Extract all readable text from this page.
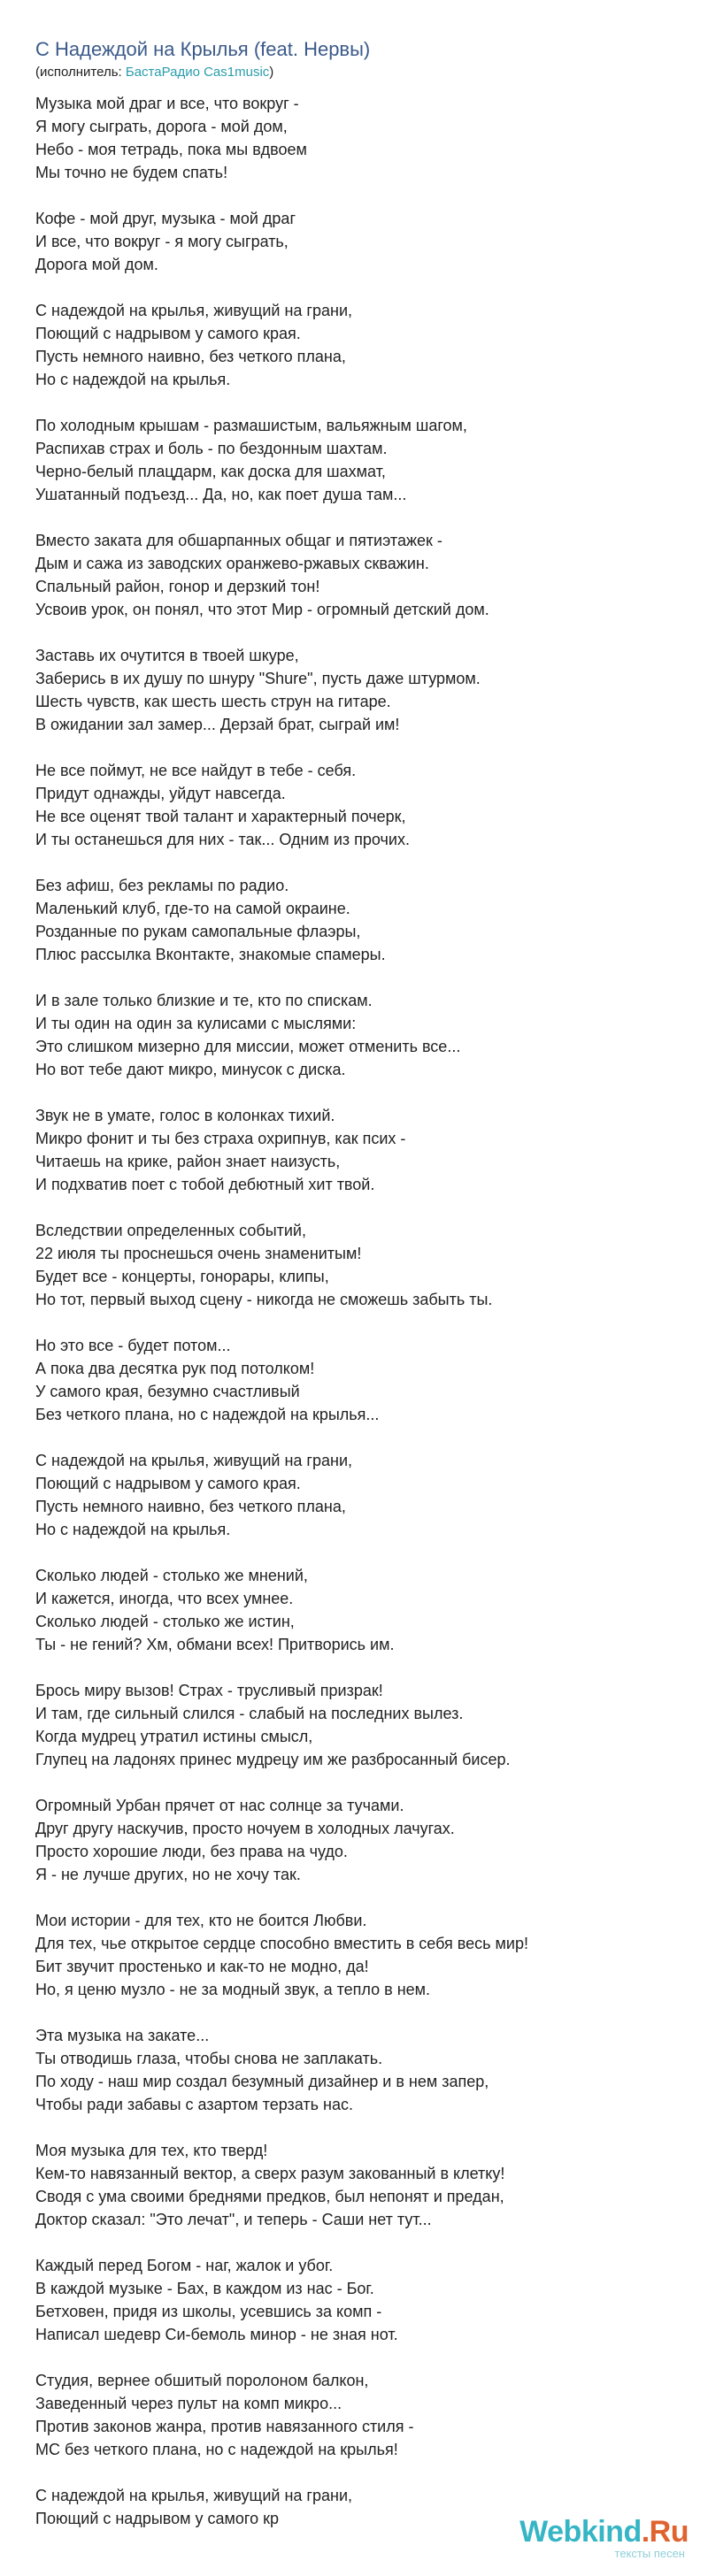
С Надеждой на Крылья (feat. Нервы)
(исполнитель: БастаРадио Cas1music)
Музыка мой драг и все, что вокруг -
Я могу сыграть, дорога - мой дом,
Небо - моя тетрадь, пока мы вдвоем
Мы точно не будем спать!
Кофе - мой друг, музыка - мой драг
И все, что вокруг - я могу сыграть,
Дорога мой дом.
С надеждой на крылья, живущий на грани,
Поющий с надрывом у самого края.
Пусть немного наивно, без четкого плана,
Но с надеждой на крылья.
По холодным крышам - размашистым, вальяжным шагом,
Распихав страх и боль - по бездонным шахтам.
Черно-белый плацдарм, как доска для шахмат,
Ушатанный подъезд... Да, но, как поет душа там...
Вместо заката для обшарпанных общаг и пятиэтажек -
Дым и сажа из заводских оранжево-ржавых скважин.
Спальный район, гонор и дерзкий тон!
Усвоив урок, он понял, что этот Мир - огромный детский дом.
Заставь их очутится в твоей шкуре,
Заберись в их душу по шнуру "Shure", пусть даже штурмом.
Шесть чувств, как шесть шесть струн на гитаре.
В ожидании зал замер... Дерзай брат, сыграй им!
Не все поймут, не все найдут в тебе - себя.
Придут однажды, уйдут навсегда.
Не все оценят твой талант и характерный почерк,
И ты останешься для них - так... Одним из прочих.
Без афиш, без рекламы по радио.
Маленький клуб, где-то на самой окраине.
Розданные по рукам самопальные флаэры,
Плюс рассылка Вконтакте, знакомые спамеры.
И в зале только близкие и те, кто по спискам.
И ты один на один за кулисами с мыслями:
Это слишком мизерно для миссии, может отменить все...
Но вот тебе дают микро, минусок с диска.
Звук не в умате, голос в колонках тихий.
Микро фонит и ты без страха охрипнув, как псих -
Читаешь на крике, район знает наизусть,
И подхватив поет с тобой дебютный хит твой.
Вследствии определенных событий,
22 июля ты проснешься очень знаменитым!
Будет все - концерты, гонорары, клипы,
Но тот, первый выход сцену - никогда не сможешь забыть ты.
Но это все - будет потом...
А пока два десятка рук под потолком!
У самого края, безумно счастливый
Без четкого плана, но с надеждой на крылья...
С надеждой на крылья, живущий на грани,
Поющий с надрывом у самого края.
Пусть немного наивно, без четкого плана,
Но с надеждой на крылья.
Сколько людей - столько же мнений,
И кажется, иногда, что всех умнее.
Сколько людей - столько же истин,
Ты - не гений? Хм, обмани всех! Притворись им.
Брось миру вызов! Страх - трусливый призрак!
И там, где сильный слился - слабый на последних вылез.
Когда мудрец утратил истины смысл,
Глупец на ладонях принес мудрецу им же разбросанный бисер.
Огромный Урбан прячет от нас солнце за тучами.
Друг другу наскучив, просто ночуем в холодных лачугах.
Просто хорошие люди, без права на чудо.
Я - не лучше других, но не хочу так.
Мои истории - для тех, кто не боится Любви.
Для тех, чье открытое сердце способно вместить в себя весь мир!
Бит звучит простенько и как-то не модно, да!
Но, я ценю музло - не за модный звук, а тепло в нем.
Эта музыка на закате...
Ты отводишь глаза, чтобы снова не заплакать.
По ходу - наш мир создал безумный дизайнер и в нем запер,
Чтобы ради забавы с азартом терзать нас.
Моя музыка для тех, кто тверд!
Кем-то навязанный вектор, а сверх разум закованный в клетку!
Сводя с ума своими бреднями предков, был непонят и предан,
Доктор сказал: "Это лечат", и теперь - Саши нет тут...
Каждый перед Богом - наг, жалок и убог.
В каждой музыке - Бах, в каждом из нас - Бог.
Бетховен, придя из школы, усевшись за комп -
Написал шедевр Си-бемоль минор - не зная нот.
Студия, вернее обшитый поролоном балкон,
Заведенный через пульт на комп микро...
Против законов жанра, против навязанного стиля -
MC без четкого плана, но с надеждой на крылья!
С надеждой на крылья, живущий на грани,
Поющий с надрывом у самого кр	Webkind.Ru
тексты песен
